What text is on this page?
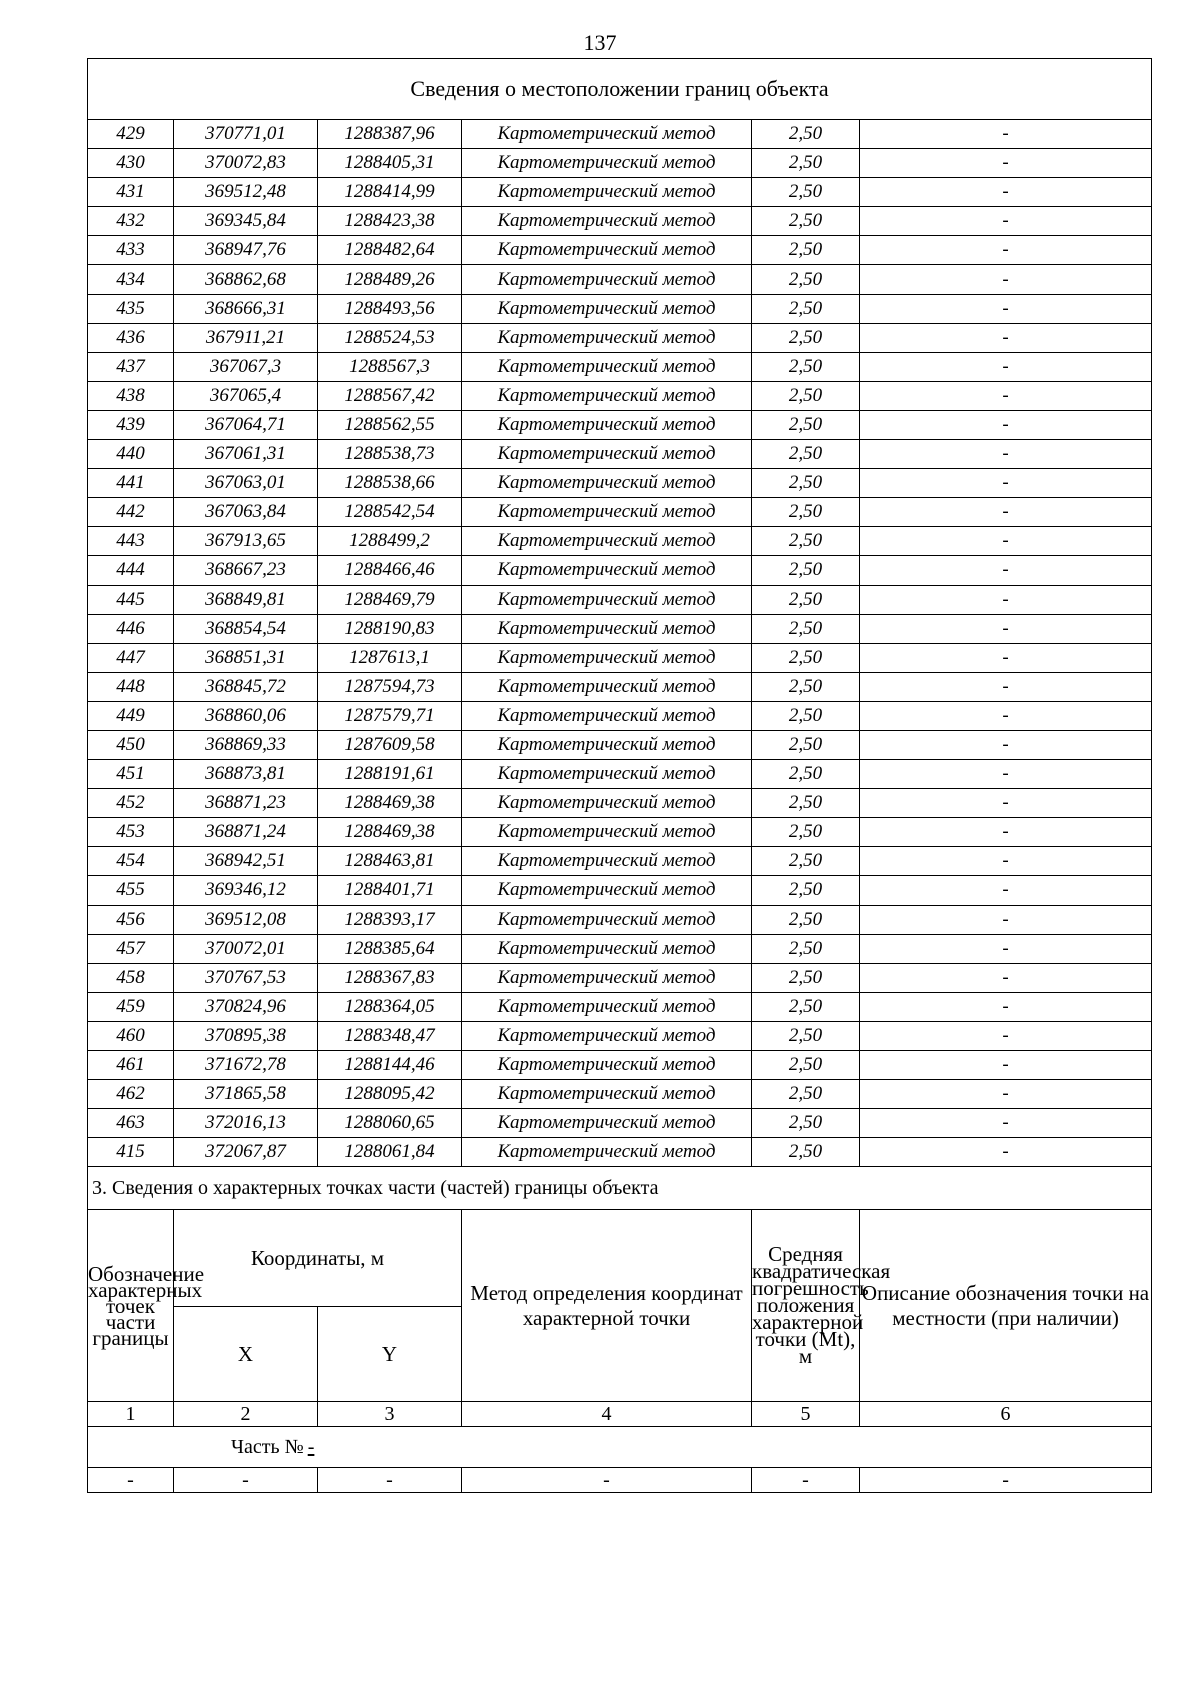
137
Сведения о местоположении границ объекта					
429	370771,01	1288387,96	Картометрический метод	2,50	-
430	370072,83	1288405,31	Картометрический метод	2,50	-
431	369512,48	1288414,99	Картометрический метод	2,50	-
432	369345,84	1288423,38	Картометрический метод	2,50	-
433	368947,76	1288482,64	Картометрический метод	2,50	-
434	368862,68	1288489,26	Картометрический метод	2,50	-
435	368666,31	1288493,56	Картометрический метод	2,50	-
436	367911,21	1288524,53	Картометрический метод	2,50	-
437	367067,3	1288567,3	Картометрический метод	2,50	-
438	367065,4	1288567,42	Картометрический метод	2,50	-
439	367064,71	1288562,55	Картометрический метод	2,50	-
440	367061,31	1288538,73	Картометрический метод	2,50	-
441	367063,01	1288538,66	Картометрический метод	2,50	-
442	367063,84	1288542,54	Картометрический метод	2,50	-
443	367913,65	1288499,2	Картометрический метод	2,50	-
444	368667,23	1288466,46	Картометрический метод	2,50	-
445	368849,81	1288469,79	Картометрический метод	2,50	-
446	368854,54	1288190,83	Картометрический метод	2,50	-
447	368851,31	1287613,1	Картометрический метод	2,50	-
448	368845,72	1287594,73	Картометрический метод	2,50	-
449	368860,06	1287579,71	Картометрический метод	2,50	-
450	368869,33	1287609,58	Картометрический метод	2,50	-
451	368873,81	1288191,61	Картометрический метод	2,50	-
452	368871,23	1288469,38	Картометрический метод	2,50	-
453	368871,24	1288469,38	Картометрический метод	2,50	-
454	368942,51	1288463,81	Картометрический метод	2,50	-
455	369346,12	1288401,71	Картометрический метод	2,50	-
456	369512,08	1288393,17	Картометрический метод	2,50	-
457	370072,01	1288385,64	Картометрический метод	2,50	-
458	370767,53	1288367,83	Картометрический метод	2,50	-
459	370824,96	1288364,05	Картометрический метод	2,50	-
460	370895,38	1288348,47	Картометрический метод	2,50	-
461	371672,78	1288144,46	Картометрический метод	2,50	-
462	371865,58	1288095,42	Картометрический метод	2,50	-
463	372016,13	1288060,65	Картометрический метод	2,50	-
415	372067,87	1288061,84	Картометрический метод	2,50	-
3. Сведения о характерных точках части (частей) границы объекта					
Обозначение характерных точек части границы	Координаты, м		Метод определения координат характерной точки	Средняя квадратическая погрешность положения характерной точки (Mt), м	Описание обозначения точки на местности (при наличии)
	X	Y			
1	2	3	4	5	6
Часть № -					
-	-	-	-	-	-
